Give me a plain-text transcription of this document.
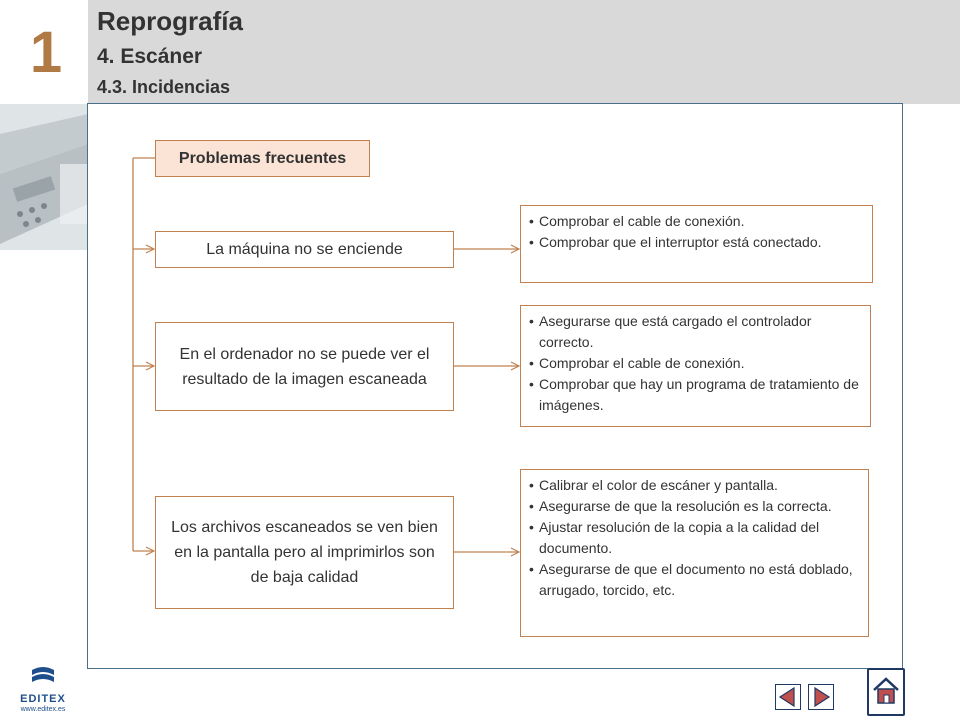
1 Reprografía
4. Escáner
4.3. Incidencias
Problemas frecuentes
La máquina no se enciende
En el ordenador no se puede ver el resultado de la imagen escaneada
Los archivos escaneados se ven bien en la pantalla pero al imprimirlos son de baja calidad
• Comprobar el cable de conexión.
• Comprobar que el interruptor está conectado.
• Asegurarse que está cargado el controlador correcto.
• Comprobar el cable de conexión.
• Comprobar que hay un programa de tratamiento de imágenes.
• Calibrar el color de escáner y pantalla.
• Asegurarse de que la resolución es la correcta.
• Ajustar resolución de la copia a la calidad del documento.
• Asegurarse de que el documento no está doblado, arrugado, torcido, etc.
EDITEX
www.editex.es
